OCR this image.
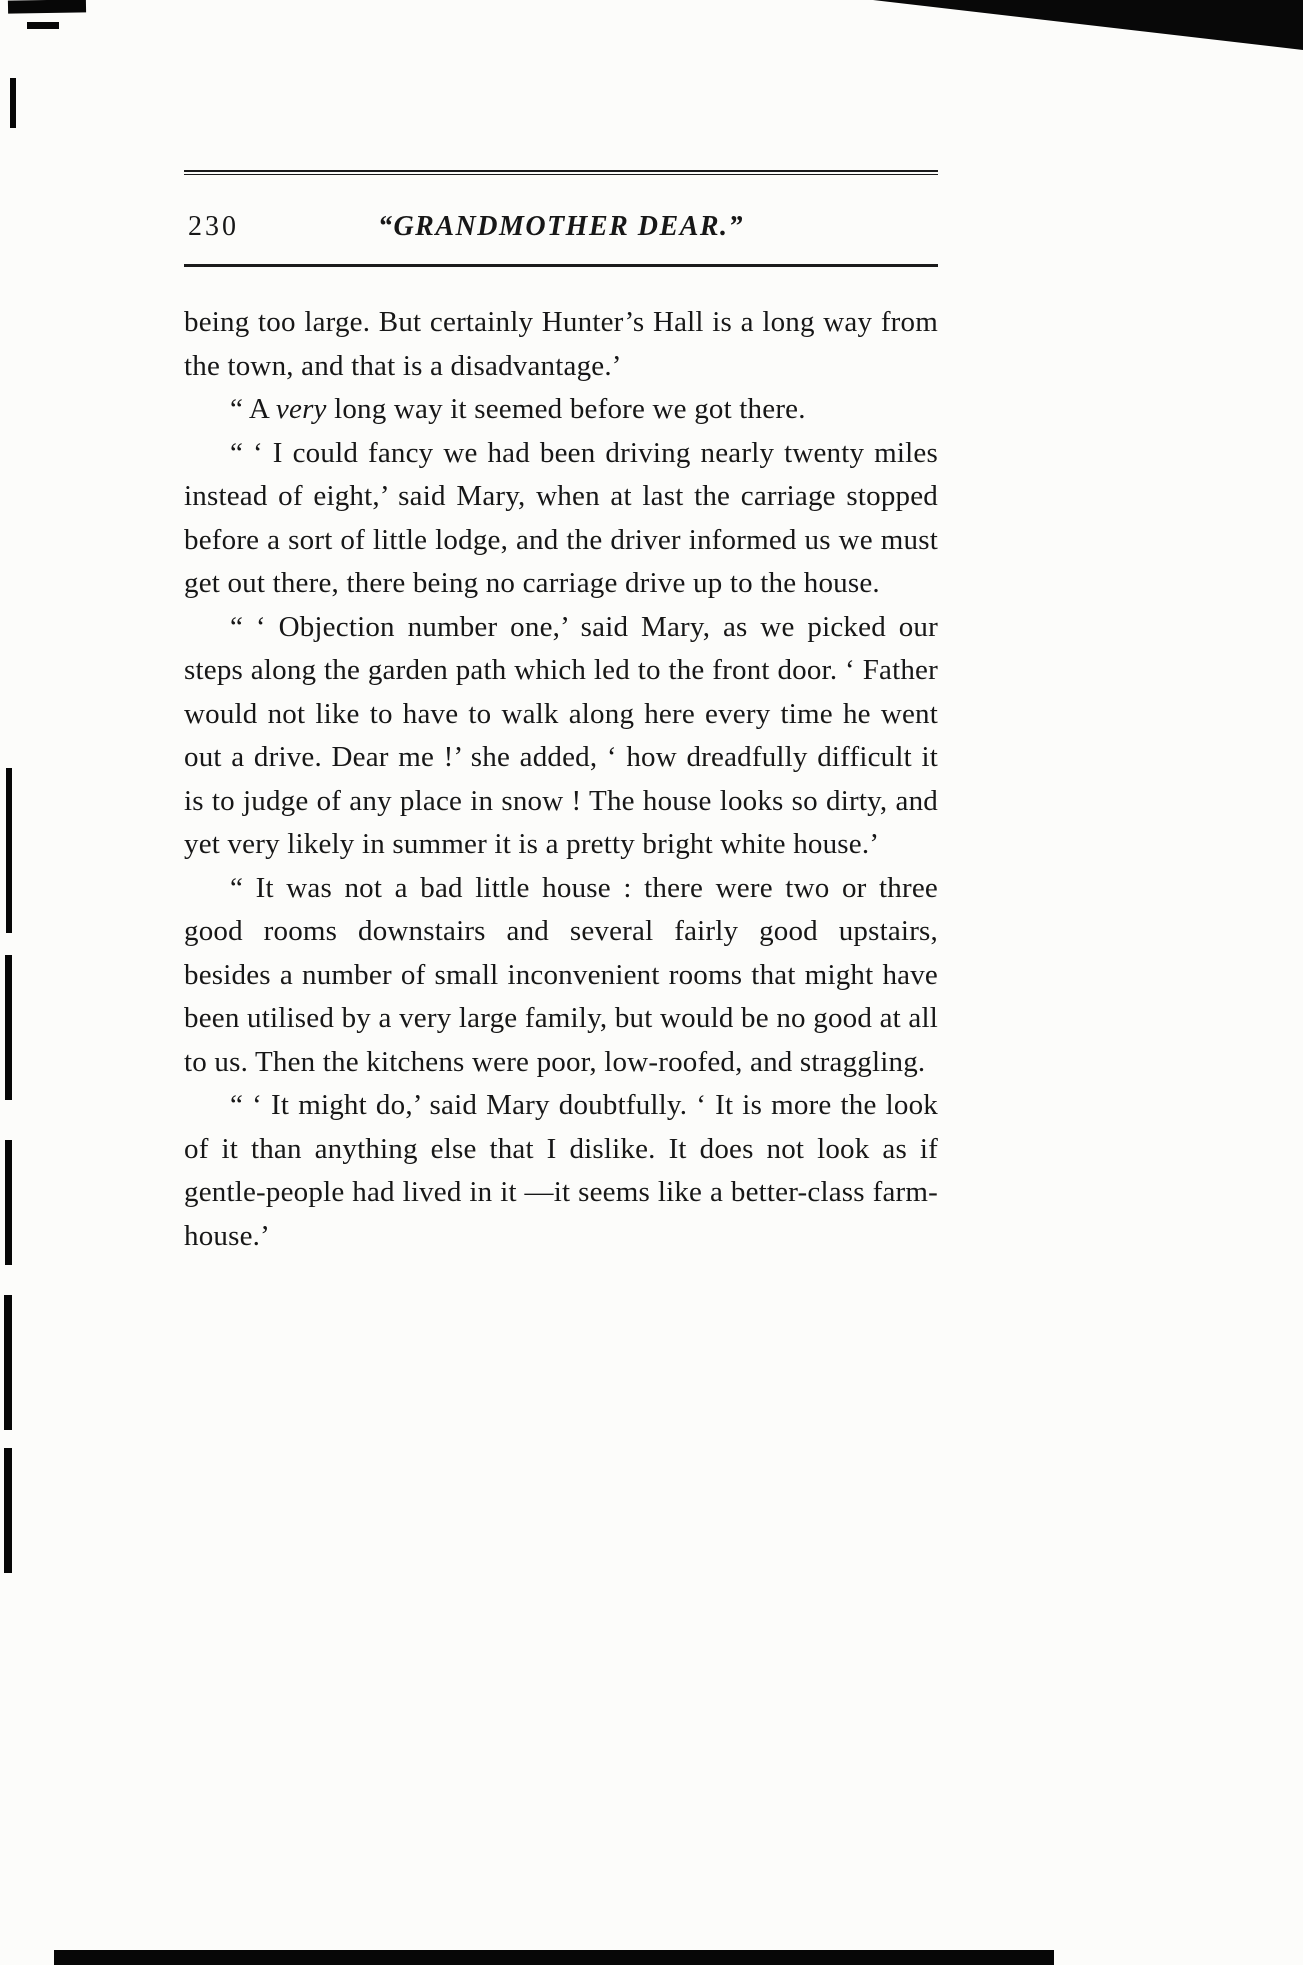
230	“GRANDMOTHER DEAR.”

being too large. But certainly Hunter’s Hall is a long way from the town, and that is a disadvantage.’

“ A very long way it seemed before we got there.

“ ‘ I could fancy we had been driving nearly twenty miles instead of eight,’ said Mary, when at last the carriage stopped before a sort of little lodge, and the driver informed us we must get out there, there being no carriage drive up to the house.

“ ‘ Objection number one,’ said Mary, as we picked our steps along the garden path which led to the front door. ‘ Father would not like to have to walk along here every time he went out a drive. Dear me !’ she added, ‘ how dreadfully difficult it is to judge of any place in snow ! The house looks so dirty, and yet very likely in summer it is a pretty bright white house.’

“ It was not a bad little house : there were two or three good rooms downstairs and several fairly good upstairs, besides a number of small inconvenient rooms that might have been utilised by a very large family, but would be no good at all to us. Then the kitchens were poor, low-roofed, and straggling.

“ ‘ It might do,’ said Mary doubtfully. ‘ It is more the look of it than anything else that I dislike. It does not look as if gentle-people had lived in it —it seems like a better-class farm-house.’
